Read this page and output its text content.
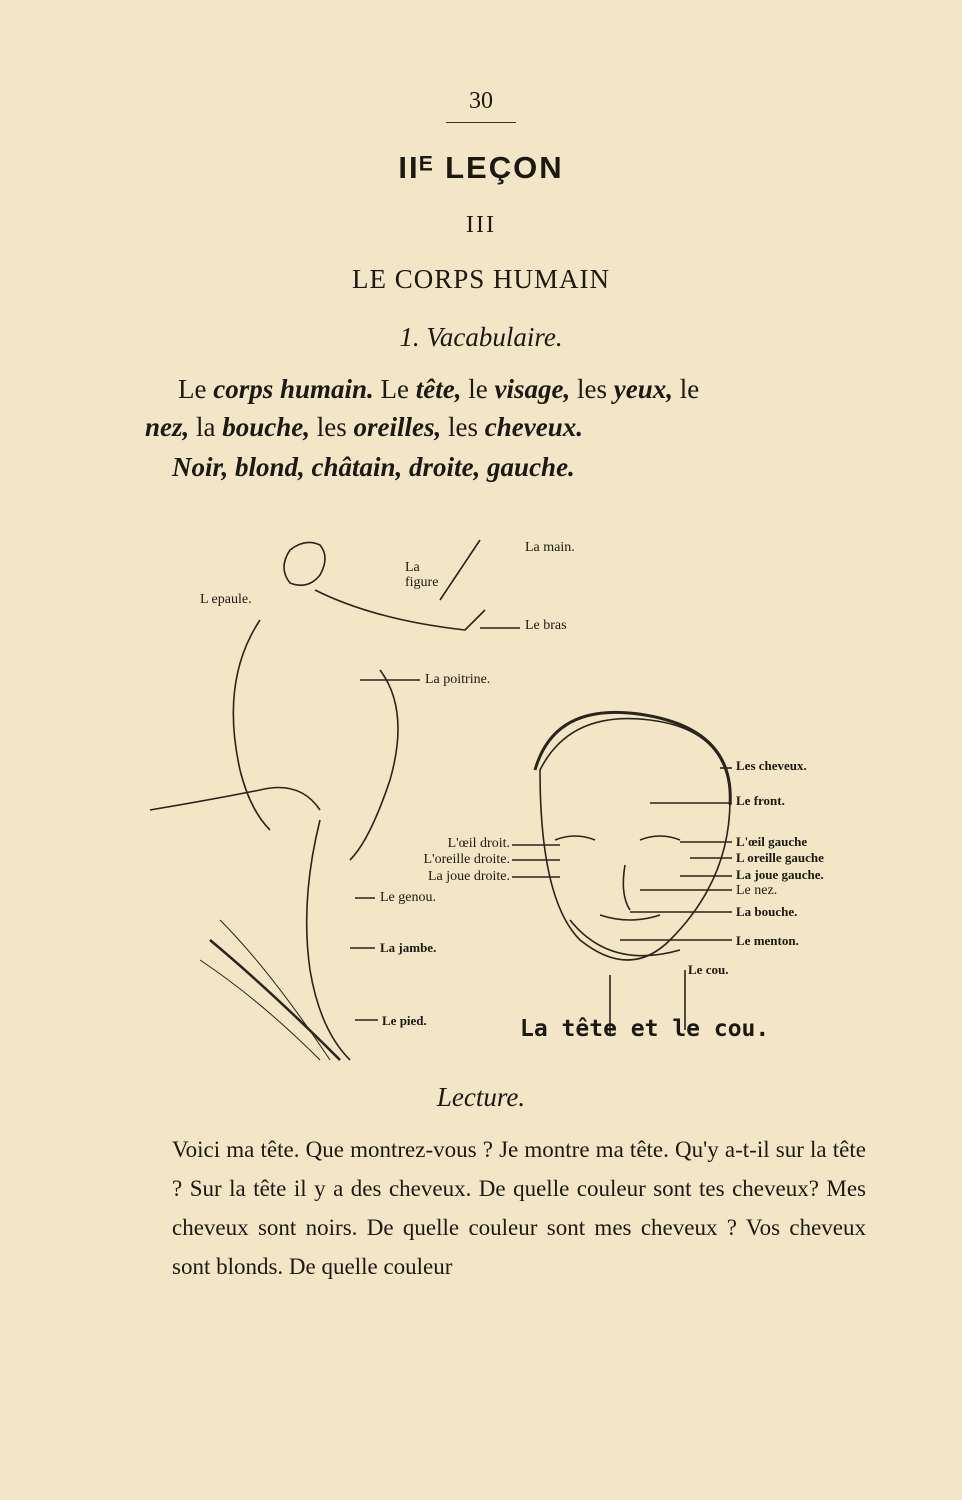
30
IIᴱ LEÇON
III
LE CORPS HUMAIN
1. Vacabulaire.
Le corps humain. Le tête, le visage, les yeux, le
nez, la bouche, les oreilles, les cheveux.
Noir, blond, châtain, droite, gauche.
L epaule.
La figure
La main.
Le bras
La poitrine.
Les cheveux.
Le front.
L'œil gauche
L oreille gauche
La joue gauche.
Le nez.
La bouche.
Le menton.
Le cou.
L'œil droit.
L'oreille droite.
La joue droite.
Le genou.
La jambe.
Le pied.	La tête et le cou.
Lecture.
Voici ma tête. Que montrez-vous ? Je montre ma tête. Qu'y a-t-il sur la tête ? Sur la tête il y a des cheveux. De quelle couleur sont tes cheveux? Mes cheveux sont noirs. De quelle couleur sont mes cheveux ? Vos cheveux sont blonds. De quelle couleur
